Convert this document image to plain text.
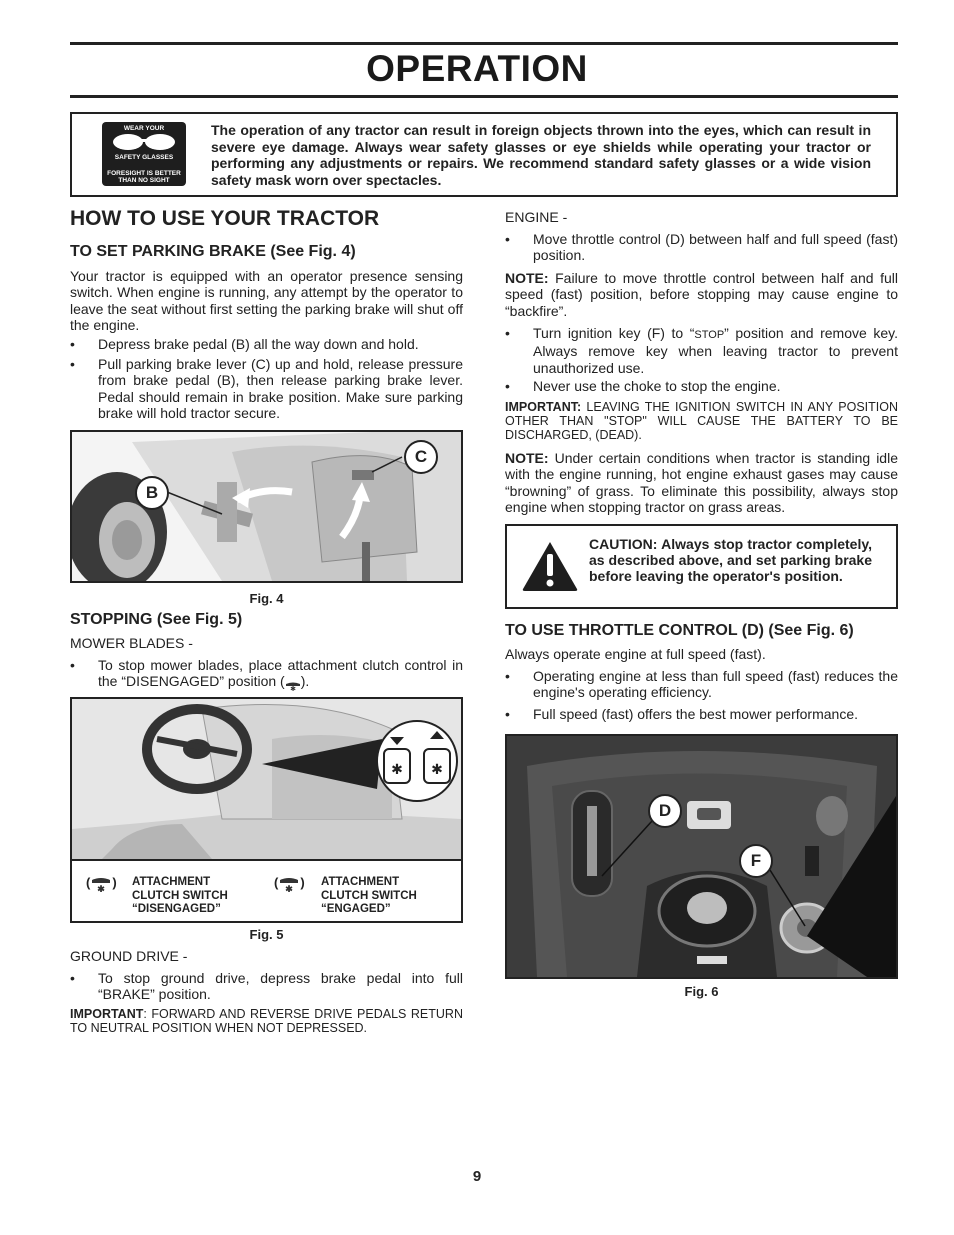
OPERATION
WEAR YOUR
SAFETY GLASSES
FORESIGHT IS BETTER
THAN NO SIGHT
The operation of any tractor can result in foreign objects thrown into the eyes, which can result in severe eye damage. Always wear safety glasses or eye shields while operating your tractor or performing any adjustments or repairs. We recommend standard safety glasses or a wide vision safety mask worn over spectacles.
HOW TO USE YOUR TRACTOR
TO SET PARKING BRAKE (See Fig. 4)
Your tractor is equipped with an operator presence sensing switch. When engine is running, any attempt by the operator to leave the seat without first setting the parking brake will shut off the engine.
• Depress brake pedal (B) all the way down and hold.
• Pull parking brake lever (C) up and hold, release pressure from brake pedal (B), then release parking brake lever. Pedal should remain in brake position. Make sure parking brake will hold tractor secure.
B
C
Fig. 4
STOPPING (See Fig. 5)
MOWER BLADES -
• To stop mower blades, place attachment clutch control in the “DISENGAGED” position ( ✱ ).
✱ ✱
( ✱ )	ATTACHMENT
CLUTCH SWITCH
“DISENGAGED”
( ✱ )	ATTACHMENT
CLUTCH SWITCH
“ENGAGED”
Fig. 5
GROUND DRIVE -
• To stop ground drive, depress brake pedal into full “BRAKE” position.
IMPORTANT: FORWARD AND REVERSE DRIVE PEDALS RETURN TO NEUTRAL POSITION WHEN NOT DEPRESSED.
ENGINE -
• Move throttle control (D) between half and full speed (fast) position.
NOTE: Failure to move throttle control between half and full speed (fast) position, before stopping may cause engine to “backfire”.
• Turn ignition key (F) to “STOP” position and remove key. Always remove key when leaving tractor to prevent unauthorized use.
• Never use the choke to stop the engine.
IMPORTANT: LEAVING THE IGNITION SWITCH IN ANY POSITION OTHER THAN "STOP" WILL CAUSE THE BATTERY TO BE DISCHARGED, (DEAD).
NOTE: Under certain conditions when tractor is standing idle with the engine running, hot engine exhaust gases may cause “browning” of grass. To eliminate this possibility, always stop engine when stopping tractor on grass areas.
CAUTION: Always stop tractor completely, as described above, and set parking brake before leaving the operator's position.
TO USE THROTTLE CONTROL (D) (See Fig. 6)
Always operate engine at full speed (fast).
• Operating engine at less than full speed (fast) reduces the engine's operating efficiency.
• Full speed (fast) offers the best mower performance.
D
F
Fig. 6
9
